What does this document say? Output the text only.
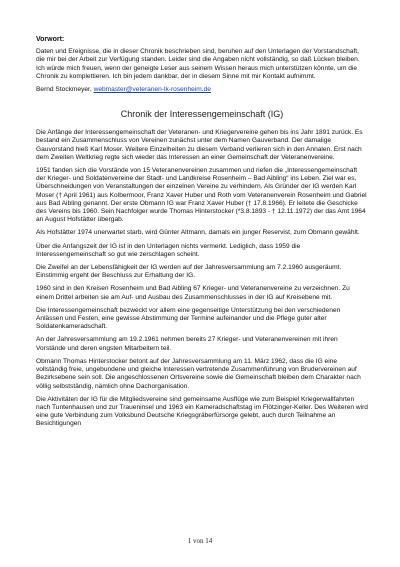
Vorwort:

Daten und Ereignisse, die in dieser Chronik beschrieben sind, beruhen auf den Unterlagen der Vorstandschaft, die mir bei der Arbeit zur Verfügung standen. Leider sind die Angaben nicht vollständig, so daß Lücken bleiben. Ich würde mich freuen, wenn der geneigte Leser aus seinem Wissen heraus mich unterstützen könnte, um die Chronik zu komplettieren. Ich bin jedem dankbar, der in diesem Sinne mit mir Kontakt aufnimmt.

Bernd Stockmeyer, webmaster@veteranen-lk-rosenheim.de

Chronik der Interessengemeinschaft (IG)

Die Anfänge der Interessengemeinschaft der Veteranen- und Kriegervereine gehen bis ins Jahr 1891 zurück. Es bestand ein Zusammenschluss von Vereinen zunächst unter dem Namen Gauverband. Der damalige Gauvorstand hieß Karl Moser. Weitere Einzelheiten zu diesem Verband verlieren sich in den Annalen. Erst nach dem Zweiten Weltkrieg regte sich wieder das Interessen an einer Gemeinschaft der Veteranenvereine.

1951 fanden sich die Vorstände von 15 Veteranenvereinen zusammen und riefen die „Interessengemeinschaft der Krieger- und Soldatenvereine der Stadt- und Landkreise Rosenheim – Bad Aibling“ ins Leben. Ziel war es, Überschneidungen von Veranstaltungen der einzelnen Vereine zu verhindern. Als Gründer der IG werden Karl Moser († April 1961) aus Kolbermoor, Franz Xaver Huber und Roth vom Veteranenverein Rosenheim und Gabriel aus Bad Aibling genannt. Der erste Obmann IG war Franz Xaver Huber († 17.8.1966). Er leitete die Geschicke des Vereins bis 1960. Sein Nachfolger wurde Thomas Hinterstocker (*3.8.1893 - † 12.11.1972) der das Amt 1964 an August Hofstätter übergab.

Als Hofstätter 1974 unerwartet starb, wird Günter Altmann, damals ein junger Reservist, zum Obmann gewählt.

Über die Anfangszeit der IG ist in den Unterlagen nichts vermerkt. Lediglich, dass 1959 die Interessengemeinschaft so gut wie zerschlagen scheint.

Die Zweifel an der Lebensfähigkeit der IG werden auf der Jahresversammlung am 7.2.1960 ausgeräumt. Einstimmig ergeht der Beschluss zur Erhaltung der IG.

1960 sind in den Kreisen Rosenheim und Bad Aibling 67 Krieger- und Veteranenvereine zu verzeichnen. Zu einem Drittel arbeiten sie am Auf- und Ausbau des Zusammenschlusses in der IG auf Kreisebene mit.

Die Interessengemeinschaft bezweckt vor allem eine gegenseitige Unterstützung bei den verschiedenen Anlässen und Festen, eine gewisse Abstimmung der Termine aufeinander und die Pflege guter alter Soldatenkameradschaft.

An der Jahresversammlung am 19.2.1961 nehmen bereits 27 Krieger- und Veteranenvereinen mit ihren Vorstände und deren engsten Mitarbeitern teil.

Obmann Thomas Hinterstocker betont auf der Jahresversammlung am 11. März 1962, dass die IG eine vollständig freie, ungebundene und gleiche Interessen vertretende Zusammenführung von Brudervereinen auf Bezirksebene sein soll. Die angeschlossenen Ortsvereine sowie die Gemeinschaft bleiben dem Charakter nach völlig selbstständig, nämlich ohne Dachorganisation.

Die Aktivitäten der IG für die Mitgliedsvereine sind gemeinsame Ausflüge wie zum Beispiel Kriegerwallfahrten nach Tuntenhausen und zur Traueninsel und 1963 ein Kameradschaftstag im Flötzinger-Keller. Des Weiteren wird eine gute Verbindung zum Volksbund Deutsche Kriegsgräberfürsorge gelebt, auch durch Teilnahme an Besichtigungen

1 von 14
